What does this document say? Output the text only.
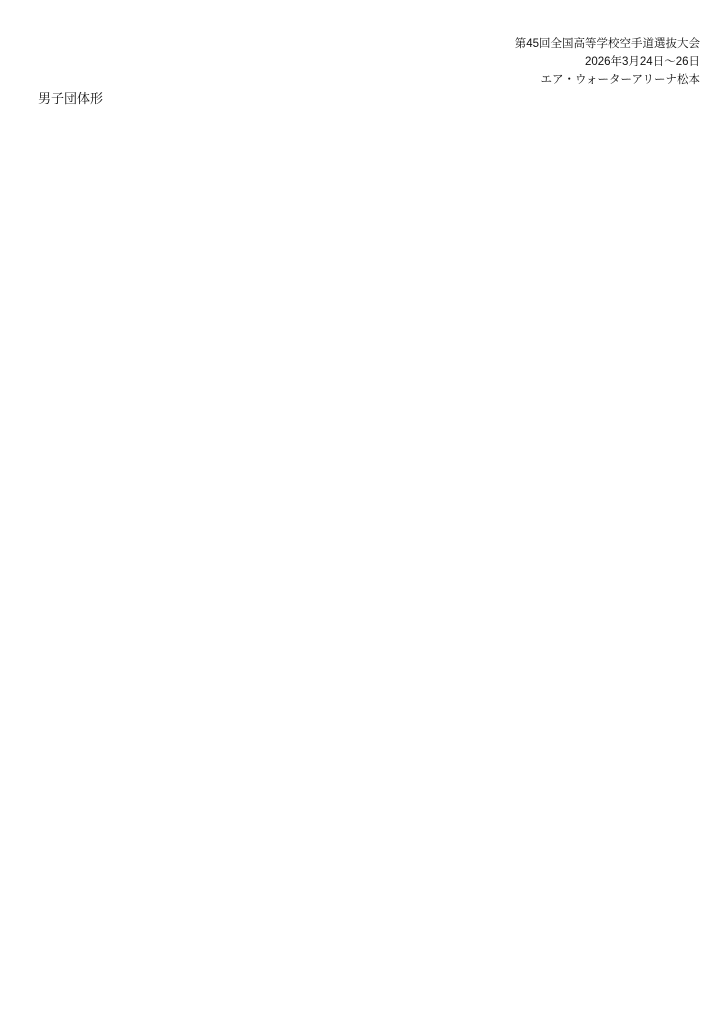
第45回全国高等学校空手道選抜大会
2026年3月24日〜26日
エア・ウォーターアリーナ松本
男子団体形
